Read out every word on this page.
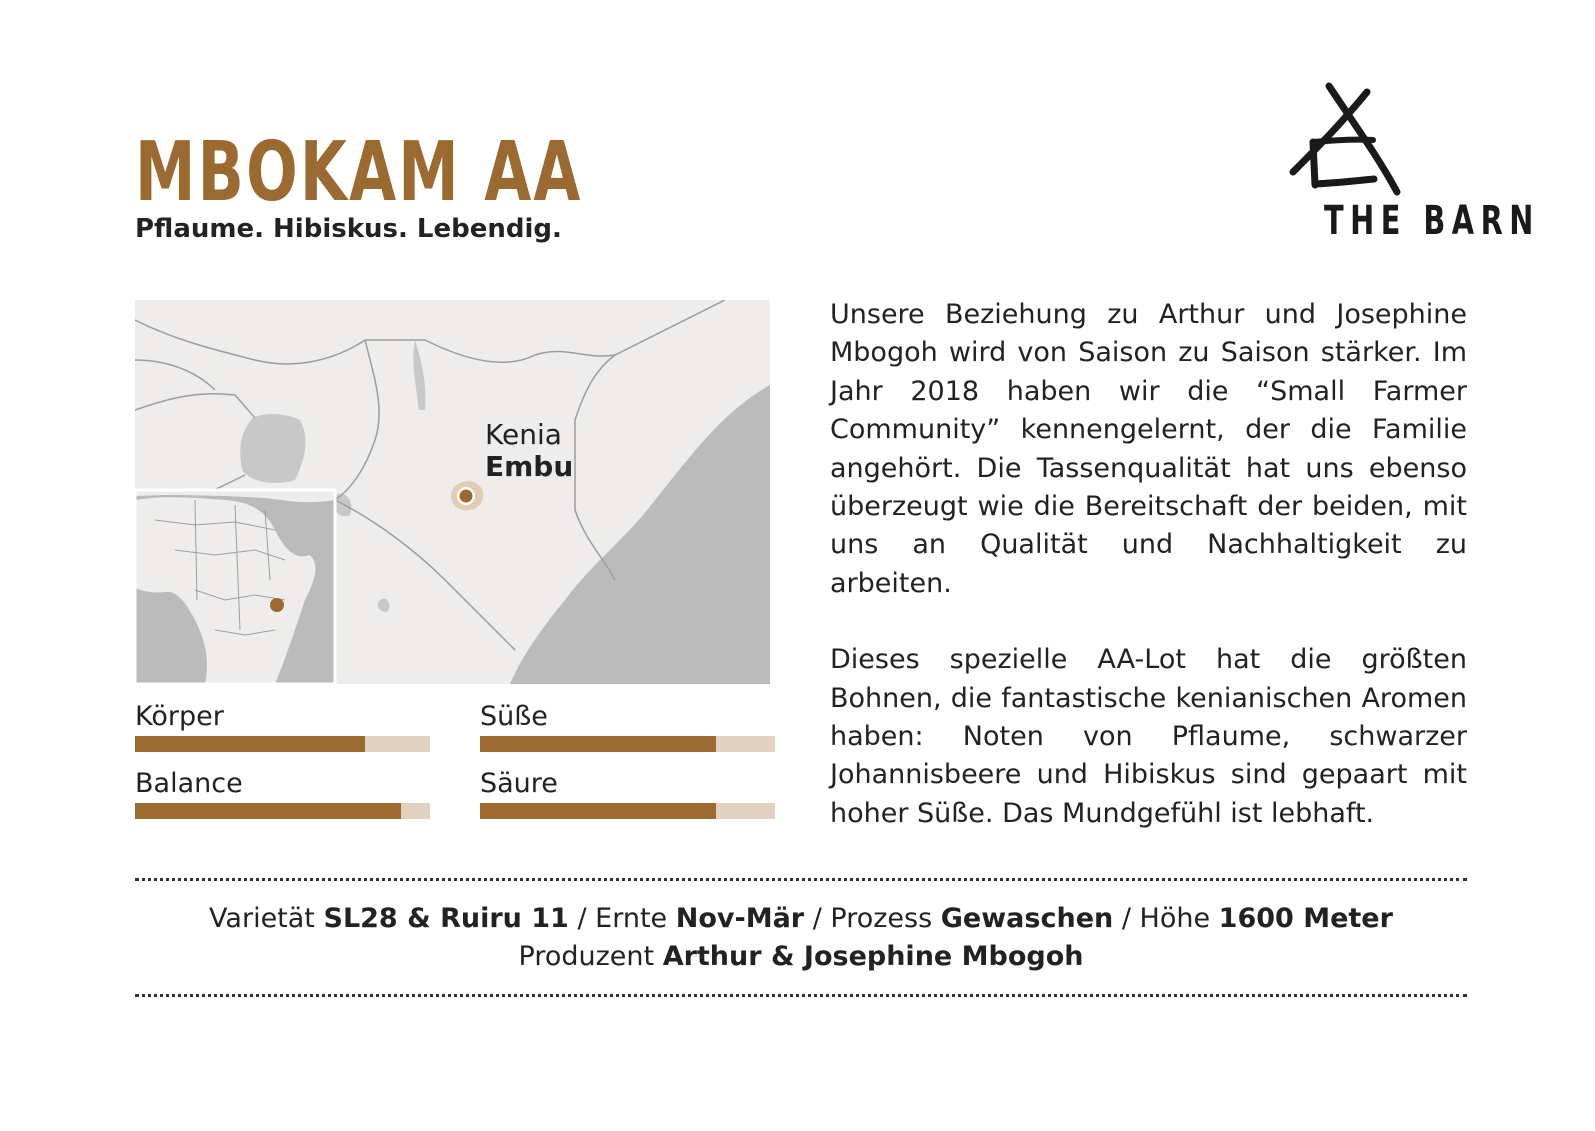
MBOKAM AA
Pflaume. Hibiskus. Lebendig.	THE BARN
Kenia
Embu
Körper	Süße
Balance	Säure

Unsere Beziehung zu Arthur und Josephine Mbogoh wird von Saison zu Saison stärker. Im Jahr 2018 haben wir die “Small Farmer Community” kennengelernt, der die Familie angehört. Die Tassenqualität hat uns ebenso überzeugt wie die Bereitschaft der beiden, mit uns an Qualität und Nachhaltigkeit zu arbeiten.

Dieses spezielle AA-Lot hat die größten Bohnen, die fantastische kenianischen Aromen haben: Noten von Pflaume, schwarzer Johannisbeere und Hibiskus sind gepaart mit hoher Süße. Das Mundgefühl ist lebhaft.

Varietät SL28 & Ruiru 11 / Ernte Nov-Mär / Prozess Gewaschen / Höhe 1600 Meter
Produzent Arthur & Josephine Mbogoh
